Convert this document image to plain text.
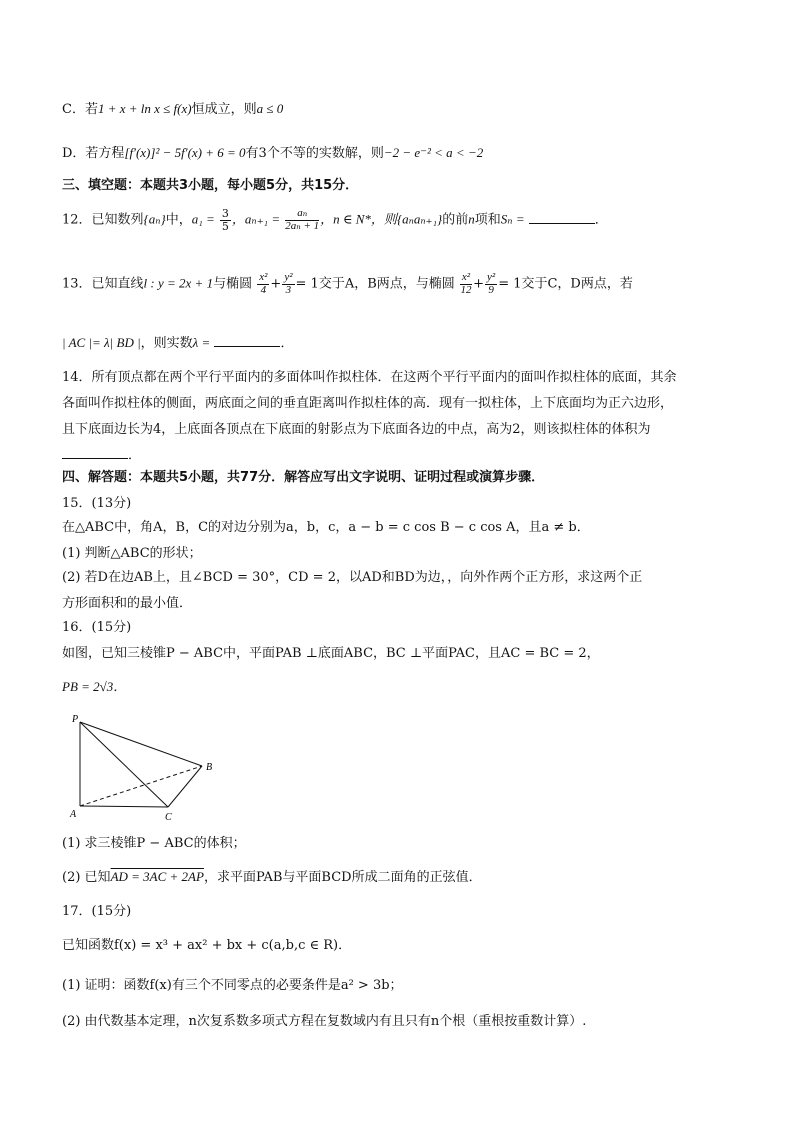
C．若1 + x + ln x ≤ f(x)恒成立，则a ≤ 0
D．若方程[f′(x)]² − 5f′(x) + 6 = 0有3个不等的实数解，则−2 − e⁻² < a < −2
三、填空题：本题共3小题，每小题5分，共15分．
12．已知数列{aₙ}中，$a_1 = \frac{3}{5}$ ，$a_{n+1} = \frac{\text{aₙ}}{\text{2aₙ + 1}}$ ，n ∈ N*，则{aₙaₙ₊₁}的前n项和Sₙ =	．
13．已知直线l : y = 2x + 1与椭圆 $\frac{\text{x²}}{4} + \frac{\text{y²}}{3} = 1$交于A，B两点，与椭圆 $\frac{\text{x²}}{12} + \frac{\text{y²}}{9} = 1$交于C，D两点，若
| AC |= λ| BD |，则实数λ =	．
14．所有顶点都在两个平行平面内的多面体叫作拟柱体．在这两个平行平面内的面叫作拟柱体的底面，其余
各面叫作拟柱体的侧面，两底面之间的垂直距离叫作拟柱体的高．现有一拟柱体，上下底面均为正六边形，
且下底面边长为4，上底面各顶点在下底面的射影点为下底面各边的中点，高为2，则该拟柱体的体积为
．
四、解答题：本题共5小题，共77分．解答应写出文字说明、证明过程或演算步骤．
15．(13分)
在△ABC中，角A，B，C的对边分别为a，b，c，a − b = c cos B − c cos A，且a ≠ b．
(1) 判断△ABC的形状；
(2) 若D在边AB上，且∠BCD = 30°，CD = 2，以AD和BD为边，，向外作两个正方形，求这两个正
方形面积和的最小值．
16．(15分)
如图，已知三棱锥P − ABC中，平面PAB ⊥底面ABC，BC ⊥平面PAC，且AC = BC = 2，
PB = 2√3．
P
A
B
C
(1) 求三棱锥P − ABC的体积；
(2) 已知AD = 3AC + 2AP，求平面PAB与平面BCD所成二面角的正弦值．
17．(15分)
已知函数f(x) = x³ + ax² + bx + c(a,b,c ∈ R)．
(1) 证明：函数f(x)有三个不同零点的必要条件是a² > 3b；
(2) 由代数基本定理，n次复系数多项式方程在复数域内有且只有n个根（重根按重数计算）.
